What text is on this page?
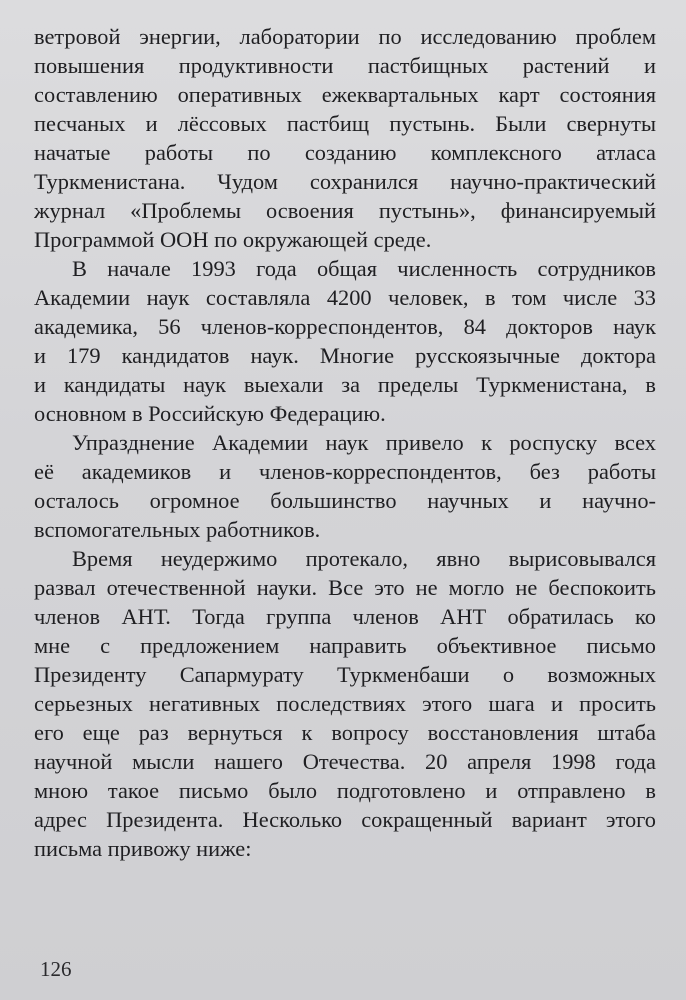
ветровой энергии, лаборатории по исследованию проблем
повышения продуктивности пастбищных растений и
составлению оперативных ежеквартальных карт состояния
песчаных и лёссовых пастбищ пустынь. Были свернуты
начатые работы по созданию комплексного атласа
Туркменистана. Чудом сохранился научно-практический
журнал «Проблемы освоения пустынь», финансируемый
Программой ООН по окружающей среде.

В начале 1993 года общая численность сотрудников
Академии наук составляла 4200 человек, в том числе 33
академика, 56 членов-корреспондентов, 84 докторов наук
и 179 кандидатов наук. Многие русскоязычные доктора
и кандидаты наук выехали за пределы Туркменистана, в
основном в Российскую Федерацию.

Упразднение Академии наук привело к роспуску всех
её академиков и членов-корреспондентов, без работы
осталось огромное большинство научных и научно-
вспомогательных работников.

Время неудержимо протекало, явно вырисовывался
развал отечественной науки. Все это не могло не беспокоить
членов АНТ. Тогда группа членов АНТ обратилась ко
мне с предложением направить объективное письмо
Президенту Сапармурату Туркменбаши о возможных
серьезных негативных последствиях этого шага и просить
его еще раз вернуться к вопросу восстановления штаба
научной мысли нашего Отечества. 20 апреля 1998 года
мною такое письмо было подготовлено и отправлено в
адрес Президента. Несколько сокращенный вариант этого
письма привожу ниже:

126
